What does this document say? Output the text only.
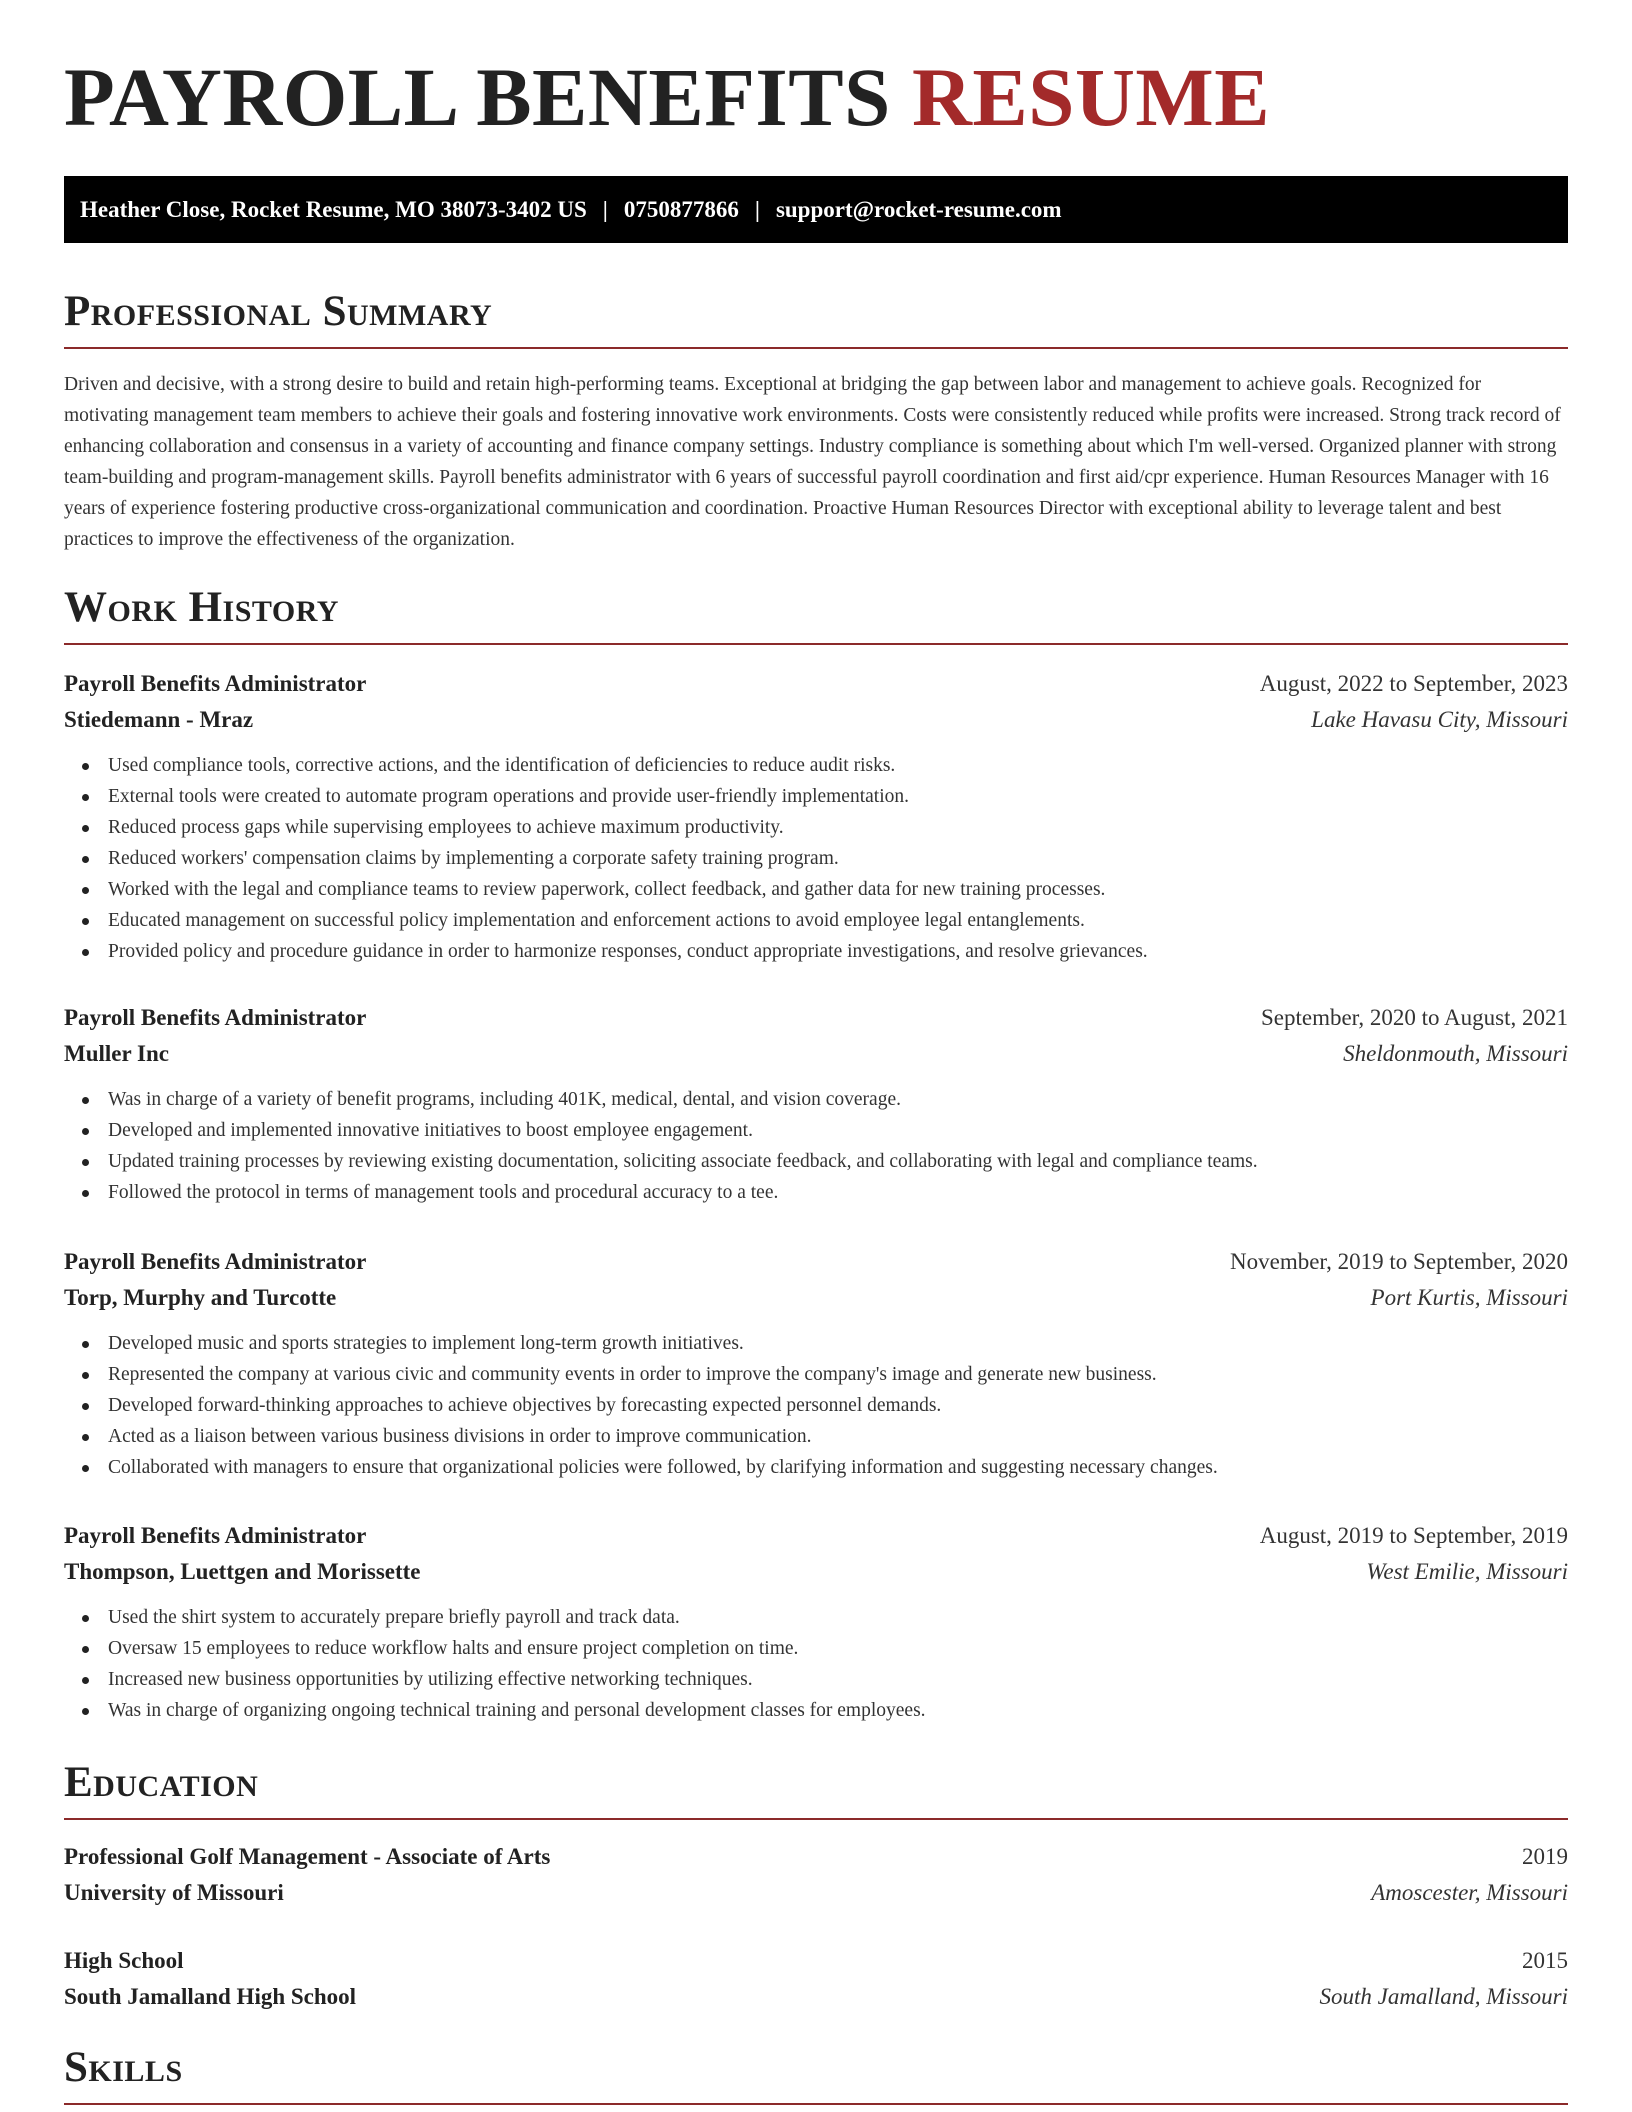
PAYROLL BENEFITS RESUME
Heather Close, Rocket Resume, MO 38073-3402 US | 0750877866 | support@rocket-resume.com
Professional Summary

Driven and decisive, with a strong desire to build and retain high-performing teams. Exceptional at bridging the gap between labor and management to achieve goals. Recognized for motivating management team members to achieve their goals and fostering innovative work environments. Costs were consistently reduced while profits were increased. Strong track record of enhancing collaboration and consensus in a variety of accounting and finance company settings. Industry compliance is something about which I'm well-versed. Organized planner with strong team-building and program-management skills. Payroll benefits administrator with 6 years of successful payroll coordination and first aid/cpr experience. Human Resources Manager with 16 years of experience fostering productive cross-organizational communication and coordination. Proactive Human Resources Director with exceptional ability to leverage talent and best practices to improve the effectiveness of the organization.

Work History
Payroll Benefits Administrator	August, 2022 to September, 2023
Stiedemann - Mraz	Lake Havasu City, Missouri
Used compliance tools, corrective actions, and the identification of deficiencies to reduce audit risks.
External tools were created to automate program operations and provide user-friendly implementation.
Reduced process gaps while supervising employees to achieve maximum productivity.
Reduced workers' compensation claims by implementing a corporate safety training program.
Worked with the legal and compliance teams to review paperwork, collect feedback, and gather data for new training processes.
Educated management on successful policy implementation and enforcement actions to avoid employee legal entanglements.
Provided policy and procedure guidance in order to harmonize responses, conduct appropriate investigations, and resolve grievances.
Payroll Benefits Administrator	September, 2020 to August, 2021
Muller Inc	Sheldonmouth, Missouri
Was in charge of a variety of benefit programs, including 401K, medical, dental, and vision coverage.
Developed and implemented innovative initiatives to boost employee engagement.
Updated training processes by reviewing existing documentation, soliciting associate feedback, and collaborating with legal and compliance teams.
Followed the protocol in terms of management tools and procedural accuracy to a tee.
Payroll Benefits Administrator	November, 2019 to September, 2020
Torp, Murphy and Turcotte	Port Kurtis, Missouri
Developed music and sports strategies to implement long-term growth initiatives.
Represented the company at various civic and community events in order to improve the company's image and generate new business.
Developed forward-thinking approaches to achieve objectives by forecasting expected personnel demands.
Acted as a liaison between various business divisions in order to improve communication.
Collaborated with managers to ensure that organizational policies were followed, by clarifying information and suggesting necessary changes.
Payroll Benefits Administrator	August, 2019 to September, 2019
Thompson, Luettgen and Morissette	West Emilie, Missouri
Used the shirt system to accurately prepare briefly payroll and track data.
Oversaw 15 employees to reduce workflow halts and ensure project completion on time.
Increased new business opportunities by utilizing effective networking techniques.
Was in charge of organizing ongoing technical training and personal development classes for employees.
Education
Professional Golf Management - Associate of Arts	2019
University of Missouri	Amoscester, Missouri
High School	2015
South Jamalland High School	South Jamalland, Missouri
Skills
